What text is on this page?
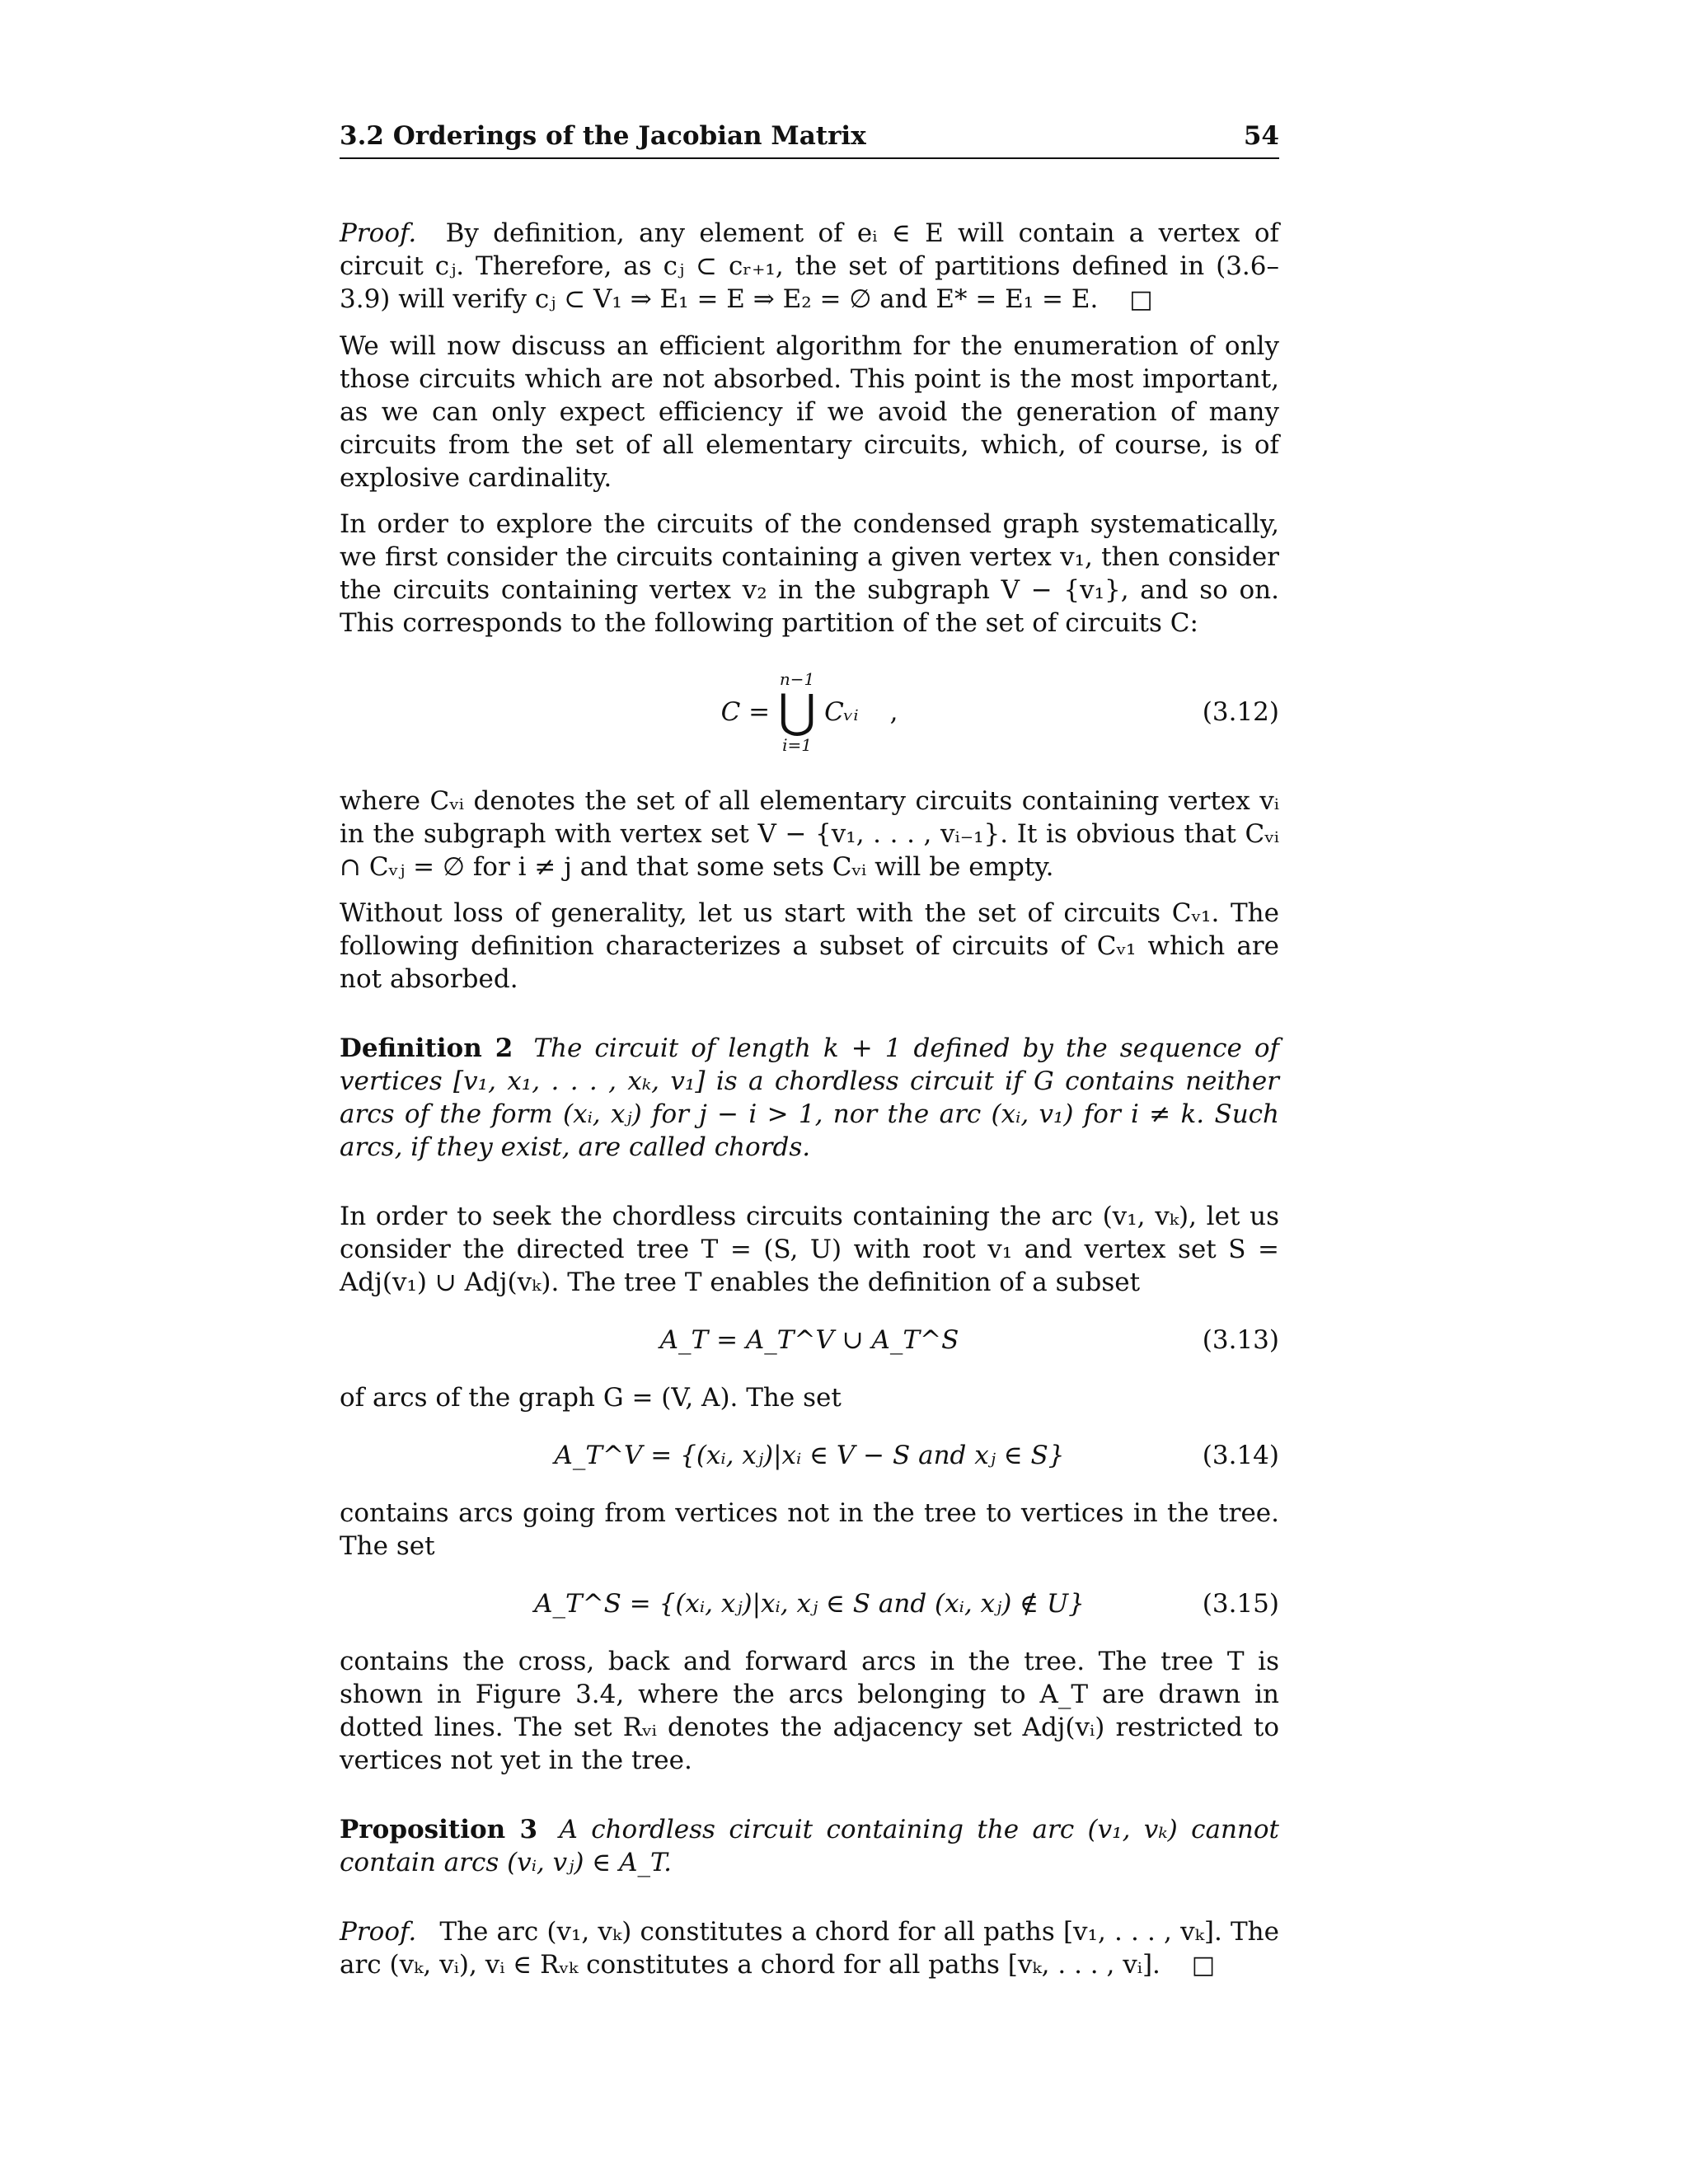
3.2 Orderings of the Jacobian Matrix	54

Proof. By definition, any element of eᵢ ∈ E will contain a vertex of circuit cⱼ. Therefore, as cⱼ ⊂ cᵣ₊₁, the set of partitions defined in (3.6–3.9) will verify cⱼ ⊂ V₁ ⇒ E₁ = E ⇒ E₂ = ∅ and E* = E₁ = E. □

We will now discuss an efficient algorithm for the enumeration of only those circuits which are not absorbed. This point is the most important, as we can only expect efficiency if we avoid the generation of many circuits from the set of all elementary circuits, which, of course, is of explosive cardinality.

In order to explore the circuits of the condensed graph systematically, we first consider the circuits containing a given vertex v₁, then consider the circuits containing vertex v₂ in the subgraph V − {v₁}, and so on. This corresponds to the following partition of the set of circuits C:

C =
n−1
⋃
i=1
Cᵥᵢ ,	(3.12)

where Cᵥᵢ denotes the set of all elementary circuits containing vertex vᵢ in the subgraph with vertex set V − {v₁, . . . , vᵢ₋₁}. It is obvious that Cᵥᵢ ∩ Cᵥⱼ = ∅ for i ≠ j and that some sets Cᵥᵢ will be empty.

Without loss of generality, let us start with the set of circuits Cᵥ₁. The following definition characterizes a subset of circuits of Cᵥ₁ which are not absorbed.

Definition 2 The circuit of length k + 1 defined by the sequence of vertices [v₁, x₁, . . . , xₖ, v₁] is a chordless circuit if G contains neither arcs of the form (xᵢ, xⱼ) for j − i > 1, nor the arc (xᵢ, v₁) for i ≠ k. Such arcs, if they exist, are called chords.

In order to seek the chordless circuits containing the arc (v₁, vₖ), let us consider the directed tree T = (S, U) with root v₁ and vertex set S = Adj(v₁) ∪ Adj(vₖ). The tree T enables the definition of a subset

A_T = A_T^V ∪ A_T^S	(3.13)

of arcs of the graph G = (V, A). The set

A_T^V = {(xᵢ, xⱼ)|xᵢ ∈ V − S and xⱼ ∈ S}	(3.14)

contains arcs going from vertices not in the tree to vertices in the tree. The set

A_T^S = {(xᵢ, xⱼ)|xᵢ, xⱼ ∈ S and (xᵢ, xⱼ) ∉ U}	(3.15)

contains the cross, back and forward arcs in the tree. The tree T is shown in Figure 3.4, where the arcs belonging to A_T are drawn in dotted lines. The set Rᵥᵢ denotes the adjacency set Adj(vᵢ) restricted to vertices not yet in the tree.

Proposition 3 A chordless circuit containing the arc (v₁, vₖ) cannot contain arcs (vᵢ, vⱼ) ∈ A_T.

Proof. The arc (v₁, vₖ) constitutes a chord for all paths [v₁, . . . , vₖ]. The arc (vₖ, vᵢ), vᵢ ∈ Rᵥₖ constitutes a chord for all paths [vₖ, . . . , vᵢ]. □
